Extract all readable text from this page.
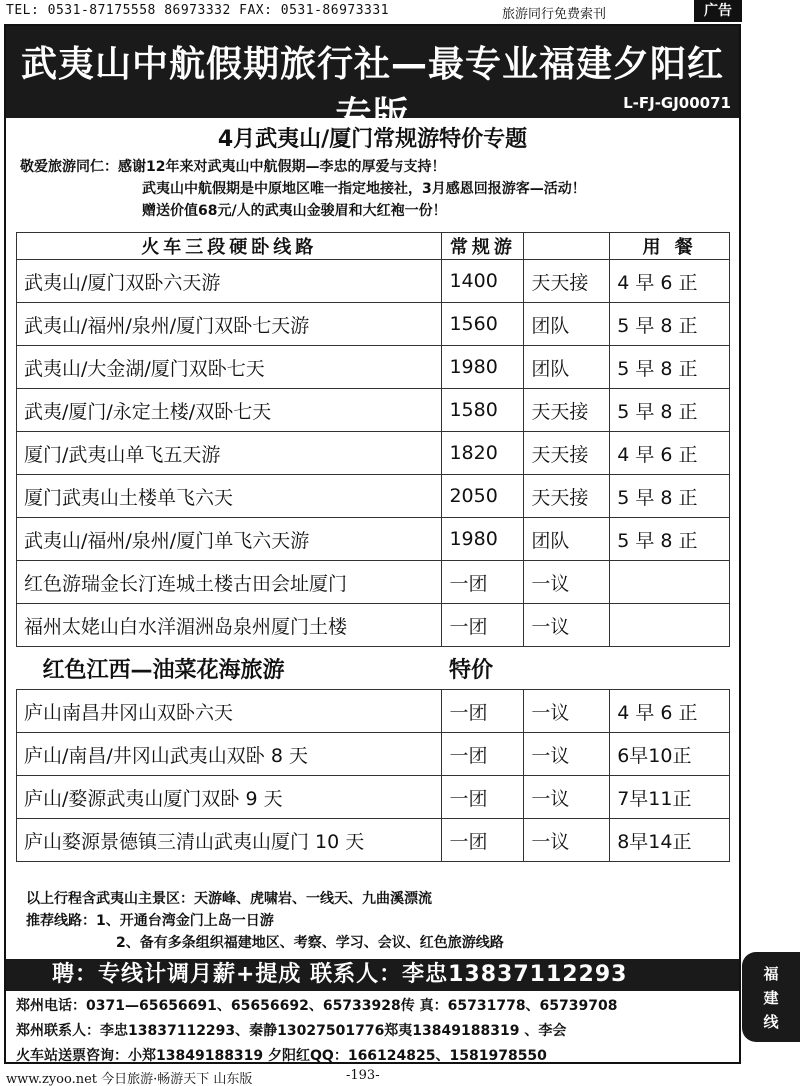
TEL: 0531-87175558 86973332 FAX: 0531-86973331	旅游同行免费索刊	广告
武夷山中航假期旅行社—最专业福建夕阳红专版	L-FJ-GJ00071
4月武夷山/厦门常规游特价专题
敬爱旅游同仁：感谢12年来对武夷山中航假期—李忠的厚爱与支持！
武夷山中航假期是中原地区唯一指定地接社，3月感恩回报游客—活动！
赠送价值68元/人的武夷山金骏眉和大红袍一份！
火车三段硬卧线路	常规游		用 餐
武夷山/厦门双卧六天游	1400	天天接	4 早 6 正
武夷山/福州/泉州/厦门双卧七天游	1560	团队	5 早 8 正
武夷山/大金湖/厦门双卧七天	1980	团队	5 早 8 正
武夷/厦门/永定土楼/双卧七天	1580	天天接	5 早 8 正
厦门/武夷山单飞五天游	1820	天天接	4 早 6 正
厦门武夷山土楼单飞六天	2050	天天接	5 早 8 正
武夷山/福州/泉州/厦门单飞六天游	1980	团队	5 早 8 正
红色游瑞金长汀连城土楼古田会址厦门	一团	一议	
福州太姥山白水洋湄洲岛泉州厦门土楼	一团	一议	
红色江西—油菜花海旅游	特价		
庐山南昌井冈山双卧六天	一团	一议	4 早 6 正
庐山/南昌/井冈山武夷山双卧 8 天	一团	一议	6早10正
庐山/婺源武夷山厦门双卧 9 天	一团	一议	7早11正
庐山婺源景德镇三清山武夷山厦门 10 天	一团	一议	8早14正
以上行程含武夷山主景区：天游峰、虎啸岩、一线天、九曲溪漂流
推荐线路：1、开通台湾金门上岛一日游
2、备有多条组织福建地区、考察、学习、会议、红色旅游线路
聘：专线计调月薪+提成 联系人：李忠13837112293
郑州电话：0371—65656691、65656692、65733928传 真：65731778、65739708
郑州联系人：李忠13837112293、秦静13027501776郑夷13849188319 、李会
火车站送票咨询：小郑13849188319 夕阳红QQ：166124825、1581978550
福
建
线
www.zyoo.net 今日旅游·畅游天下 山东版	-193-
